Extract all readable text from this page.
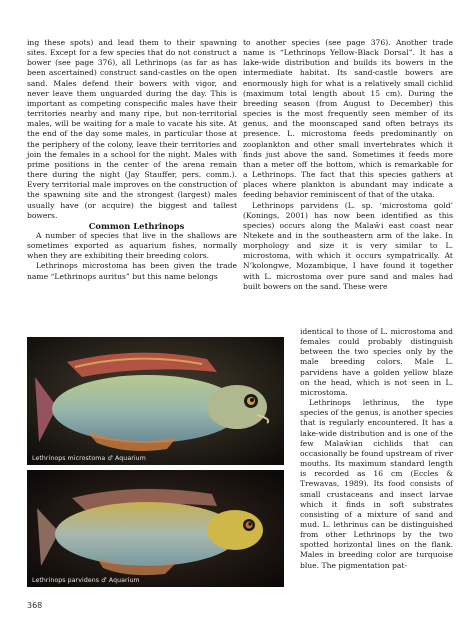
ing these spots) and lead them to their spawning sites. Except for a few species that do not construct a bower (see page 376), all Lethrinops (as far as has been ascertained) construct sand-castles on the open sand. Males defend their bowers with vigor, and never leave them unguarded during the day. This is important as competing conspecific males have their territories nearby and many ripe, but non-territorial males, will be waiting for a male to vacate his site. At the end of the day some males, in particular those at the periphery of the colony, leave their territories and join the females in a school for the night. Males with prime positions in the center of the arena remain there during the night (Jay Stauffer, pers. comm.). Every territorial male improves on the construction of the spawning site and the strongest (largest) males usually have (or acquire) the biggest and tallest bowers.

Common Lethrinops

A number of species that live in the shallows are sometimes exported as aquarium fishes, normally when they are exhibiting their breeding colors.

Lethrinops microstoma has been given the trade name “Lethrinops auritus” but this name belongs

to another species (see page 376). Another trade name is “Lethrinops Yellow-Black Dorsal”. It has a lake-wide distribution and builds its bowers in the intermediate habitat. Its sand-castle bowers are enormously high for what is a relatively small cichlid (maximum total length about 15 cm). During the breeding season (from August to December) this species is the most frequently seen member of its genus, and the moonscaped sand often betrays its presence. L. microstoma feeds predominantly on zooplankton and other small invertebrates which it finds just above the sand. Sometimes it feeds more than a meter off the bottom, which is remarkable for a Lethrinops. The fact that this species gathers at places where plankton is abundant may indicate a feeding behavior reminiscent of that of the utaka.

Lethrinops parvidens (L. sp. ‘microstoma gold’ (Konings, 2001) has now been identified as this species) occurs along the Malaŵi east coast near Ntekete and in the southeastern arm of the lake. In morphology and size it is very similar to L. microstoma, with which it occurs sympatrically. At N’kolongwe, Mozambique, I have found it together with L. microstoma over pure sand and males had built bowers on the sand. These were

identical to those of L. microstoma and females could probably distinguish between the two species only by the male breeding colors. Male L. parvidens have a golden yellow blaze on the head, which is not seen in L. microstoma.

Lethrinops lethrinus, the type species of the genus, is another species that is regularly encountered. It has a lake-wide distribution and is one of the few Malaŵian cichlids that can occasionally be found upstream of river mouths. Its maximum standard length is recorded as 16 cm (Eccles & Trewavas, 1989). Its food consists of small crustaceans and insect larvae which it finds in soft substrates consisting of a mixture of sand and mud. L. lethrinus can be distinguished from other Lethrinops by the two spotted horizontal lines on the flank. Males in breeding color are turquoise blue. The pigmentation pat-

Lethrinops microstoma ♂ Aquarium
Lethrinops parvidens ♂ Aquarium
368
